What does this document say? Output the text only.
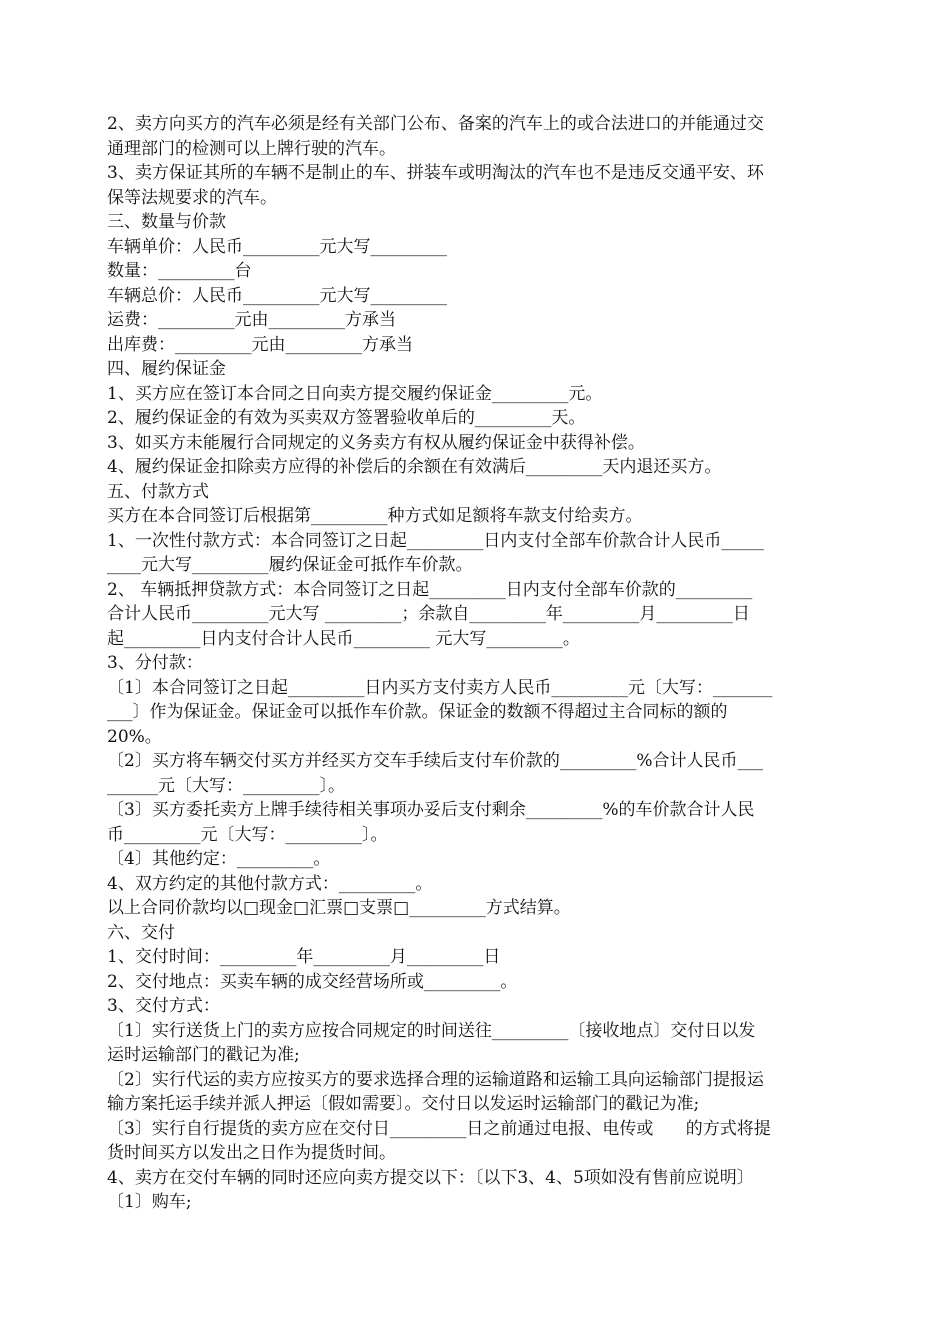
2、卖方向买方的汽车必须是经有关部门公布、备案的汽车上的或合法进口的并能通过交
通理部门的检测可以上牌行驶的汽车。
3、卖方保证其所的车辆不是制止的车、拼装车或明淘汰的汽车也不是违反交通平安、环
保等法规要求的汽车。
三、数量与价款
车辆单价：人民币_________元大写_________
数量：_________台
车辆总价：人民币_________元大写_________
运费：_________元由_________方承当
出库费：_________元由_________方承当
四、履约保证金
1、买方应在签订本合同之日向卖方提交履约保证金_________元。
2、履约保证金的有效为买卖双方签署验收单后的_________天。
3、如买方未能履行合同规定的义务卖方有权从履约保证金中获得补偿。
4、履约保证金扣除卖方应得的补偿后的余额在有效满后_________天内退还买方。
五、付款方式
买方在本合同签订后根据第_________种方式如足额将车款支付给卖方。
1、一次性付款方式：本合同签订之日起_________日内支付全部车价款合计人民币_____
____元大写_________履约保证金可抵作车价款。
2、 车辆抵押贷款方式：本合同签订之日起_________日内支付全部车价款的_________
合计人民币_________元大写 _________；余款自_________年_________月_________日
起_________日内支付合计人民币_________ 元大写_________。
3、分付款：
〔1〕本合同签订之日起_________日内买方支付卖方人民币_________元〔大写：_______
___〕作为保证金。保证金可以抵作车价款。保证金的数额不得超过主合同标的额的
20%。
〔2〕买方将车辆交付买方并经买方交车手续后支付车价款的_________%合计人民币___
______元〔大写：_________〕。
〔3〕买方委托卖方上牌手续待相关事项办妥后支付剩余_________%的车价款合计人民
币_________元〔大写：_________〕。
〔4〕其他约定：_________。
4、双方约定的其他付款方式：_________。
以上合同价款均以□现金□汇票□支票□_________方式结算。
六、交付
1、交付时间：_________年_________月_________日
2、交付地点：买卖车辆的成交经营场所或_________。
3、交付方式：
〔1〕实行送货上门的卖方应按合同规定的时间送往_________〔接收地点〕交付日以发
运时运输部门的戳记为准;
〔2〕实行代运的卖方应按买方的要求选择合理的运输道路和运输工具向运输部门提报运
输方案托运手续并派人押运〔假如需要〕。交付日以发运时运输部门的戳记为准;
〔3〕实行自行提货的卖方应在交付日_________日之前通过电报、电传或      的方式将提
货时间买方以发出之日作为提货时间。
4、卖方在交付车辆的同时还应向卖方提交以下：〔以下3、4、5项如没有售前应说明〕
〔1〕购车;
